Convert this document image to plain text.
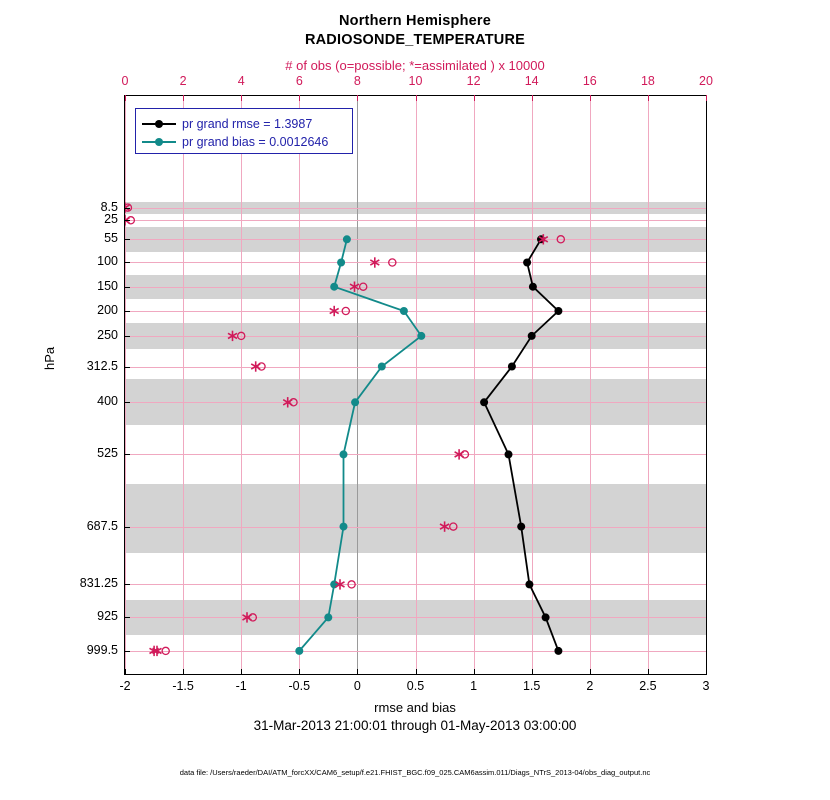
Northern Hemisphere
RADIOSONDE_TEMPERATURE
# of obs (o=possible; *=assimilated ) x 10000
hPa
-2	-1.5	-1	-0.5	0	0.5	1	1.5	2	2.5	3
0	2	4	6	8	10	12	14	16	18	20
8.5
25
55
100
150
200
250
312.5
400
525
687.5
831.25
925
999.5
pr grand rmse = 1.3987
pr grand bias = 0.0012646
rmse and bias
31-Mar-2013 21:00:01 through 01-May-2013 03:00:00
data file: /Users/raeder/DAI/ATM_forcXX/CAM6_setup/f.e21.FHIST_BGC.f09_025.CAM6assim.011/Diags_NTrS_2013-04/obs_diag_output.nc
